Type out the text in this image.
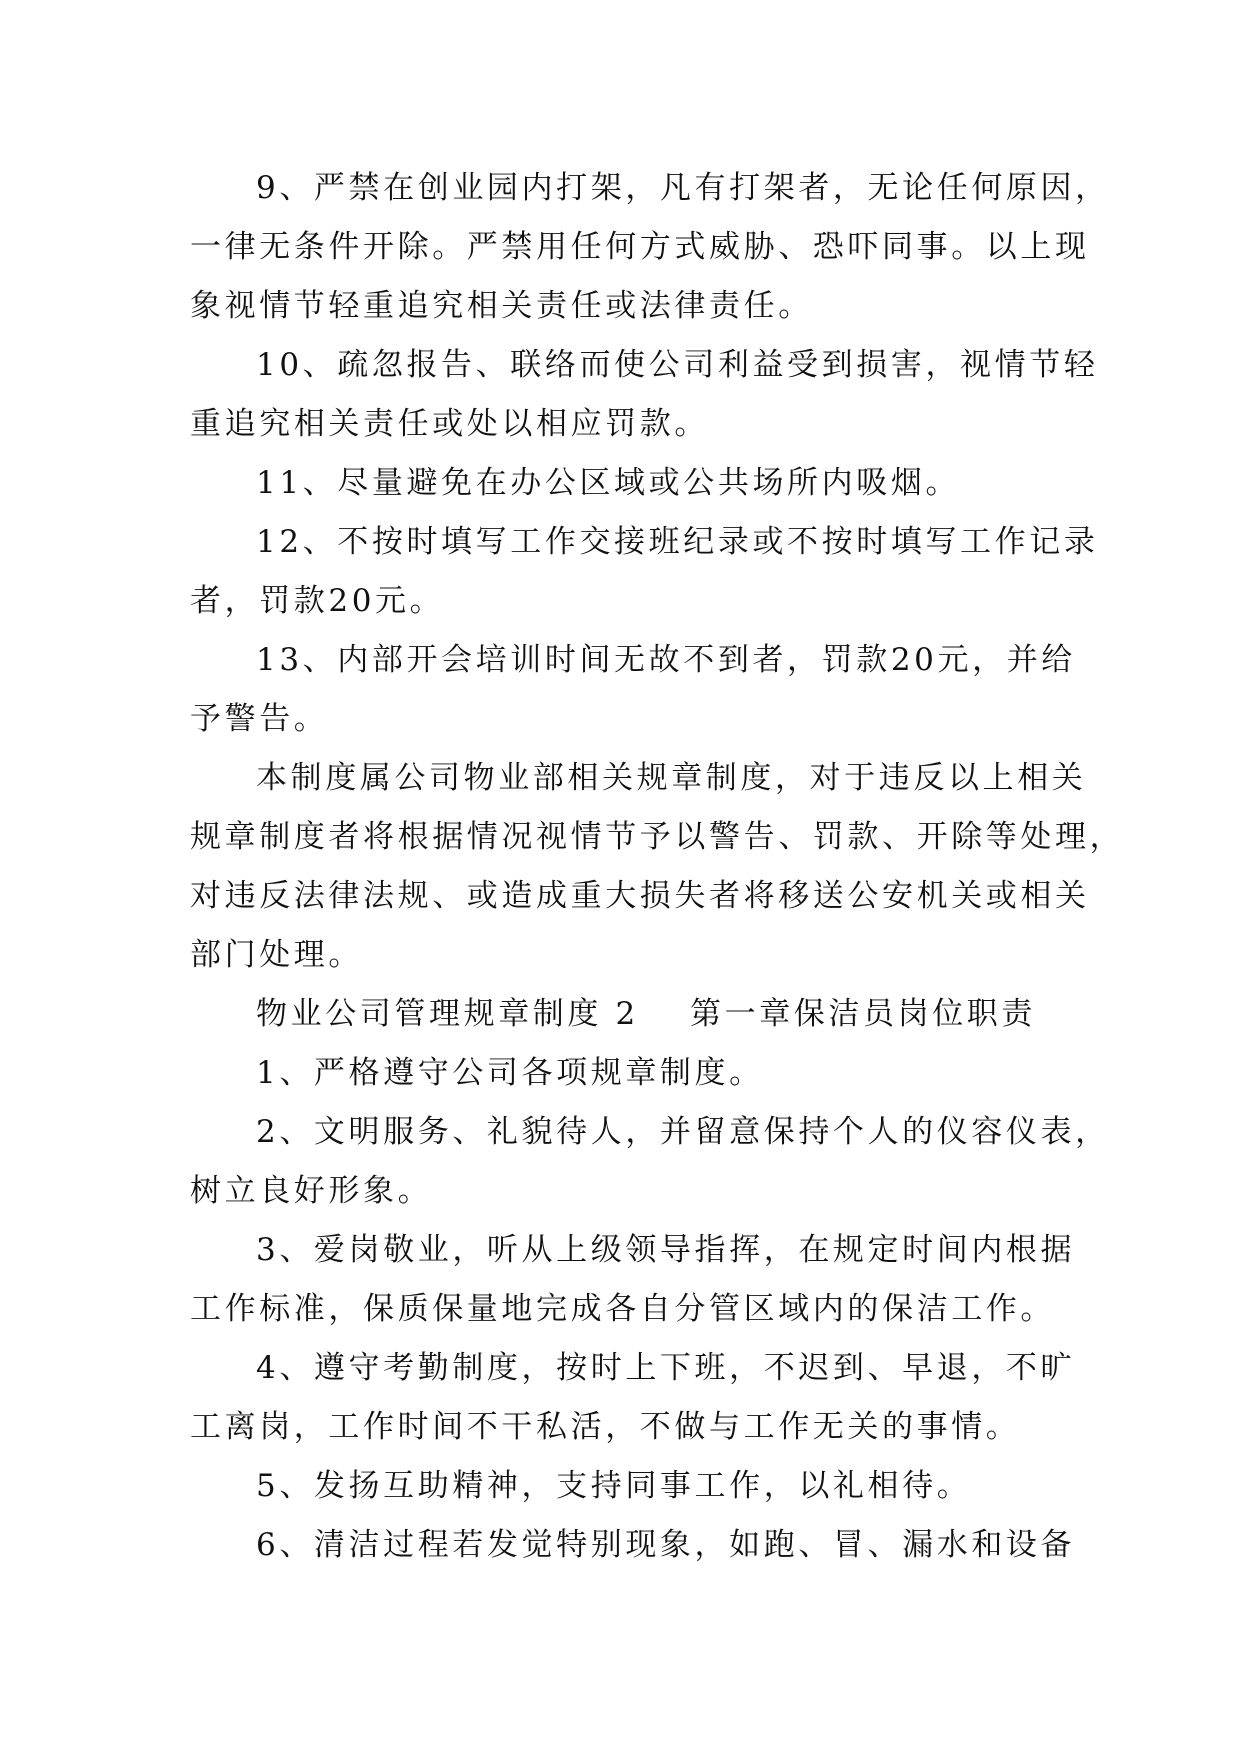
9、严禁在创业园内打架，凡有打架者，无论任何原因，
一律无条件开除。严禁用任何方式威胁、恐吓同事。以上现
象视情节轻重追究相关责任或法律责任。
10、疏忽报告、联络而使公司利益受到损害，视情节轻
重追究相关责任或处以相应罚款。
11、尽量避免在办公区域或公共场所内吸烟。
12、不按时填写工作交接班纪录或不按时填写工作记录
者，罚款20元。
13、内部开会培训时间无故不到者，罚款20元，并给
予警告。
本制度属公司物业部相关规章制度，对于违反以上相关
规章制度者将根据情况视情节予以警告、罚款、开除等处理，
对违反法律法规、或造成重大损失者将移送公安机关或相关
部门处理。
物业公司管理规章制度 2 第一章保洁员岗位职责
1、严格遵守公司各项规章制度。
2、文明服务、礼貌待人，并留意保持个人的仪容仪表，
树立良好形象。
3、爱岗敬业，听从上级领导指挥，在规定时间内根据
工作标准，保质保量地完成各自分管区域内的保洁工作。
4、遵守考勤制度，按时上下班，不迟到、早退，不旷
工离岗，工作时间不干私活，不做与工作无关的事情。
5、发扬互助精神，支持同事工作，以礼相待。
6、清洁过程若发觉特别现象，如跑、冒、漏水和设备
